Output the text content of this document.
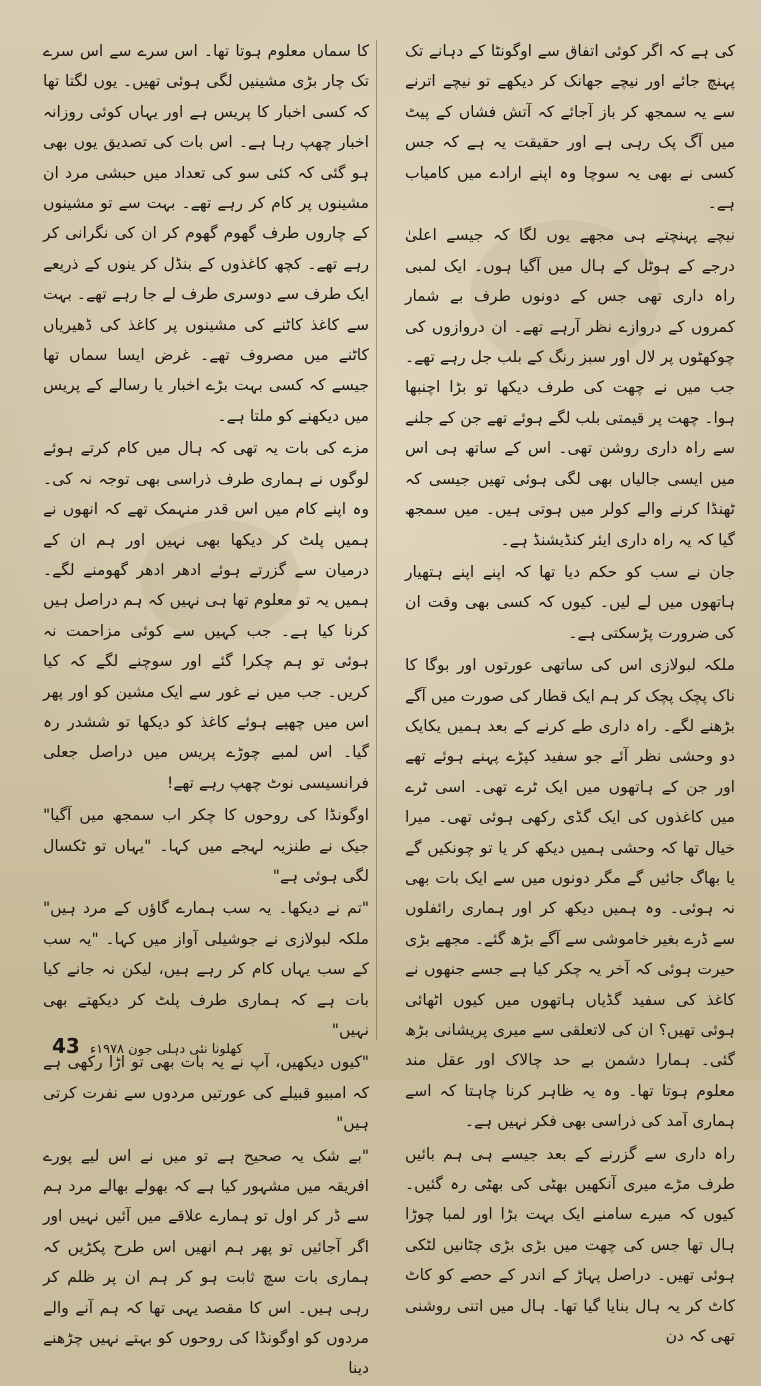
کی ہے کہ اگر کوئی اتفاق سے اوگونٹا کے دہانے تک پہنچ جائے اور نیچے جھانک کر دیکھے تو نیچے اترنے سے یہ سمجھ کر باز آجائے کہ آتش فشاں کے پیٹ میں آگ پک رہی ہے اور حقیقت یہ ہے کہ جس کسی نے بھی یہ سوچا وہ اپنے ارادے میں کامیاب ہے۔

نیچے پہنچتے ہی مجھے یوں لگا کہ جیسے اعلیٰ درجے کے ہوٹل کے ہال میں آگیا ہوں۔ ایک لمبی راہ داری تھی جس کے دونوں طرف بے شمار کمروں کے دروازے نظر آرہے تھے۔ ان دروازوں کی چوکھٹوں پر لال اور سبز رنگ کے بلب جل رہے تھے۔ جب میں نے چھت کی طرف دیکھا تو بڑا اچنبھا ہوا۔ چھت پر قیمتی بلب لگے ہوئے تھے جن کے جلنے سے راہ داری روشن تھی۔ اس کے ساتھ ہی اس میں ایسی جالیاں بھی لگی ہوئی تھیں جیسی کہ ٹھنڈا کرنے والے کولر میں ہوتی ہیں۔ میں سمجھ گیا کہ یہ راہ داری ایئر کنڈیشنڈ ہے۔

جان نے سب کو حکم دیا تھا کہ اپنے اپنے ہتھیار ہاتھوں میں لے لیں۔ کیوں کہ کسی بھی وقت ان کی ضرورت پڑسکتی ہے۔

ملکہ لبولازی اس کی ساتھی عورتوں اور بوگا کا ناک پچک پچک کر ہم ایک قطار کی صورت میں آگے بڑھنے لگے۔ راہ داری طے کرنے کے بعد ہمیں یکایک دو وحشی نظر آئے جو سفید کپڑے پہنے ہوئے تھے اور جن کے ہاتھوں میں ایک ٹرے تھی۔ اسی ٹرے میں کاغذوں کی ایک گڈی رکھی ہوئی تھی۔ میرا خیال تھا کہ وحشی ہمیں دیکھ کر یا تو چونکیں گے یا بھاگ جائیں گے مگر دونوں میں سے ایک بات بھی نہ ہوئی۔ وہ ہمیں دیکھ کر اور ہماری رائفلوں سے ڈرے بغیر خاموشی سے آگے بڑھ گئے۔ مجھے بڑی حیرت ہوئی کہ آخر یہ چکر کیا ہے جسے جنھوں نے کاغذ کی سفید گڈیاں ہاتھوں میں کیوں اٹھائی ہوئی تھیں؟ ان کی لاتعلقی سے میری پریشانی بڑھ گئی۔ ہمارا دشمن بے حد چالاک اور عقل مند معلوم ہوتا تھا۔ وہ یہ ظاہر کرنا چاہتا کہ اسے ہماری آمد کی ذراسی بھی فکر نہیں ہے۔

راہ داری سے گزرنے کے بعد جیسے ہی ہم بائیں طرف مڑے میری آنکھیں بھٹی کی بھٹی رہ گئیں۔ کیوں کہ میرے سامنے ایک بہت بڑا اور لمبا چوڑا ہال تھا جس کی چھت میں بڑی بڑی چٹانیں لٹکی ہوئی تھیں۔ دراصل پہاڑ کے اندر کے حصے کو کاٹ کاٹ کر یہ ہال بنایا گیا تھا۔ ہال میں اتنی روشنی تھی کہ دن

کا سماں معلوم ہوتا تھا۔ اس سرے سے اس سرے تک چار بڑی مشینیں لگی ہوئی تھیں۔ یوں لگتا تھا کہ کسی اخبار کا پریس ہے اور یہاں کوئی روزانہ اخبار چھپ رہا ہے۔ اس بات کی تصدیق یوں بھی ہو گئی کہ کئی سو کی تعداد میں حبشی مرد ان مشینوں پر کام کر رہے تھے۔ بہت سے تو مشینوں کے چاروں طرف گھوم گھوم کر ان کی نگرانی کر رہے تھے۔ کچھ کاغذوں کے بنڈل کر ینوں کے ذریعے ایک طرف سے دوسری طرف لے جا رہے تھے۔ بہت سے کاغذ کاٹنے کی مشینوں پر کاغذ کی ڈھیریاں کاٹنے میں مصروف تھے۔ غرض ایسا سماں تھا جیسے کہ کسی بہت بڑے اخبار یا رسالے کے پریس میں دیکھنے کو ملتا ہے۔

مزے کی بات یہ تھی کہ ہال میں کام کرتے ہوئے لوگوں نے ہماری طرف ذراسی بھی توجہ نہ کی۔ وہ اپنے کام میں اس قدر منہمک تھے کہ انھوں نے ہمیں پلٹ کر دیکھا بھی نہیں اور ہم ان کے درمیان سے گزرتے ہوئے ادھر ادھر گھومنے لگے۔ ہمیں یہ تو معلوم تھا ہی نہیں کہ ہم دراصل ہیں کرنا کیا ہے۔ جب کہیں سے کوئی مزاحمت نہ ہوئی تو ہم چکرا گئے اور سوچنے لگے کہ کیا کریں۔ جب میں نے غور سے ایک مشین کو اور پھر اس میں چھپے ہوئے کاغذ کو دیکھا تو ششدر رہ گیا۔ اس لمبے چوڑے پریس میں دراصل جعلی فرانسیسی نوٹ چھپ رہے تھے!

اوگونڈا کی روحوں کا چکر اب سمجھ میں آگیا" جیک نے طنزیہ لہجے میں کہا۔ "یہاں تو ٹکسال لگی ہوئی ہے"

"تم نے دیکھا۔ یہ سب ہمارے گاؤں کے مرد ہیں" ملکہ لبولازی نے جوشیلی آواز میں کہا۔ "یہ سب کے سب یہاں کام کر رہے ہیں، لیکن نہ جانے کیا بات ہے کہ ہماری طرف پلٹ کر دیکھتے بھی نہیں"

"کیوں دیکھیں، آپ نے یہ بات بھی تو اڑا رکھی ہے کہ امبیو قبیلے کی عورتیں مردوں سے نفرت کرتی ہیں"

"بے شک یہ صحیح ہے تو میں نے اس لیے پورے افریقہ میں مشہور کیا ہے کہ بھولے بھالے مرد ہم سے ڈر کر اول تو ہمارے علاقے میں آئیں نہیں اور اگر آجائیں تو پھر ہم انھیں اس طرح پکڑیں کہ ہماری بات سچ ثابت ہو کر ہم ان پر ظلم کر رہی ہیں۔ اس کا مقصد یہی تھا کہ ہم آنے والے مردوں کو اوگونڈا کی روحوں کو بہتے نہیں چڑھنے دینا

کھلونا نئی دہلی جون ۱۹۷۸ء 43
